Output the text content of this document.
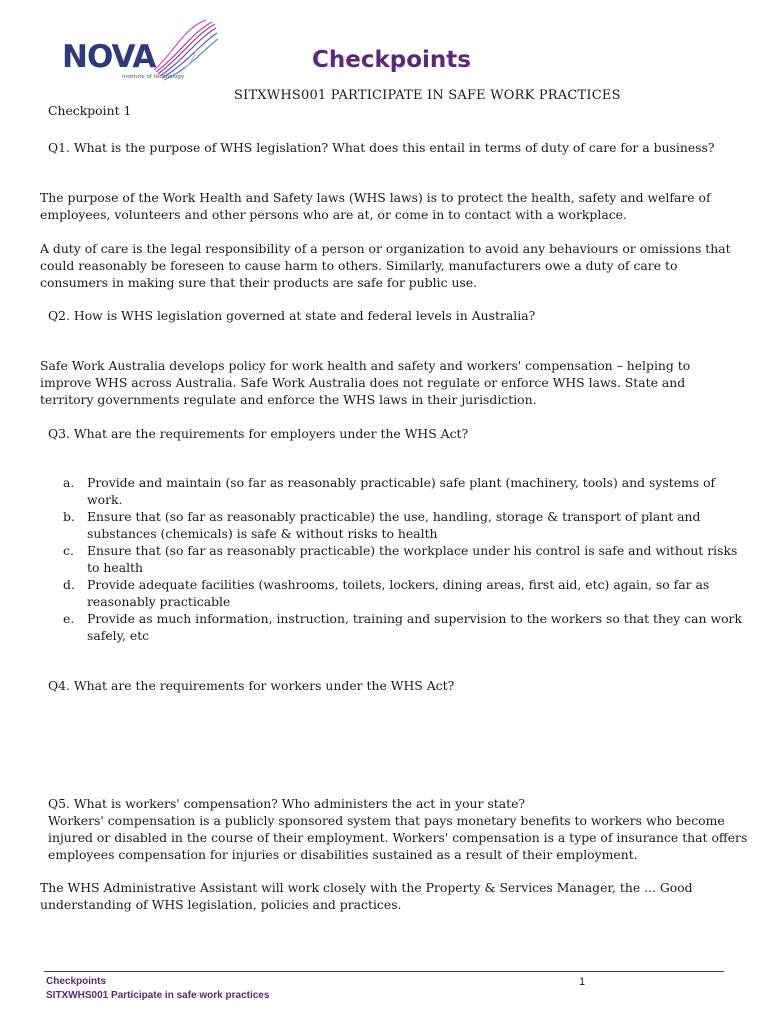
NOVA
institute of technology
Checkpoints
SITXWHS001 PARTICIPATE IN SAFE WORK PRACTICES
Checkpoint 1
Q1. What is the purpose of WHS legislation? What does this entail in terms of duty of care for a business?
The purpose of the Work Health and Safety laws (WHS laws) is to protect the health, safety and welfare of
employees, volunteers and other persons who are at, or come in to contact with a workplace.
A duty of care is the legal responsibility of a person or organization to avoid any behaviours or omissions that
could reasonably be foreseen to cause harm to others. Similarly, manufacturers owe a duty of care to
consumers in making sure that their products are safe for public use.
Q2. How is WHS legislation governed at state and federal levels in Australia?
Safe Work Australia develops policy for work health and safety and workers' compensation – helping to
improve WHS across Australia. Safe Work Australia does not regulate or enforce WHS laws. State and
territory governments regulate and enforce the WHS laws in their jurisdiction.
Q3. What are the requirements for employers under the WHS Act?
a. Provide and maintain (so far as reasonably practicable) safe plant (machinery, tools) and systems of
work.
b. Ensure that (so far as reasonably practicable) the use, handling, storage & transport of plant and
substances (chemicals) is safe & without risks to health
c. Ensure that (so far as reasonably practicable) the workplace under his control is safe and without risks
to health
d. Provide adequate facilities (washrooms, toilets, lockers, dining areas, first aid, etc) again, so far as
reasonably practicable
e. Provide as much information, instruction, training and supervision to the workers so that they can work
safely, etc
Q4. What are the requirements for workers under the WHS Act?
Q5. What is workers' compensation? Who administers the act in your state?
Workers' compensation is a publicly sponsored system that pays monetary benefits to workers who become
injured or disabled in the course of their employment. Workers' compensation is a type of insurance that offers
employees compensation for injuries or disabilities sustained as a result of their employment.
The WHS Administrative Assistant will work closely with the Property & Services Manager, the ... Good
understanding of WHS legislation, policies and practices.
Checkpoints	1
SITXWHS001 Participate in safe work practices
